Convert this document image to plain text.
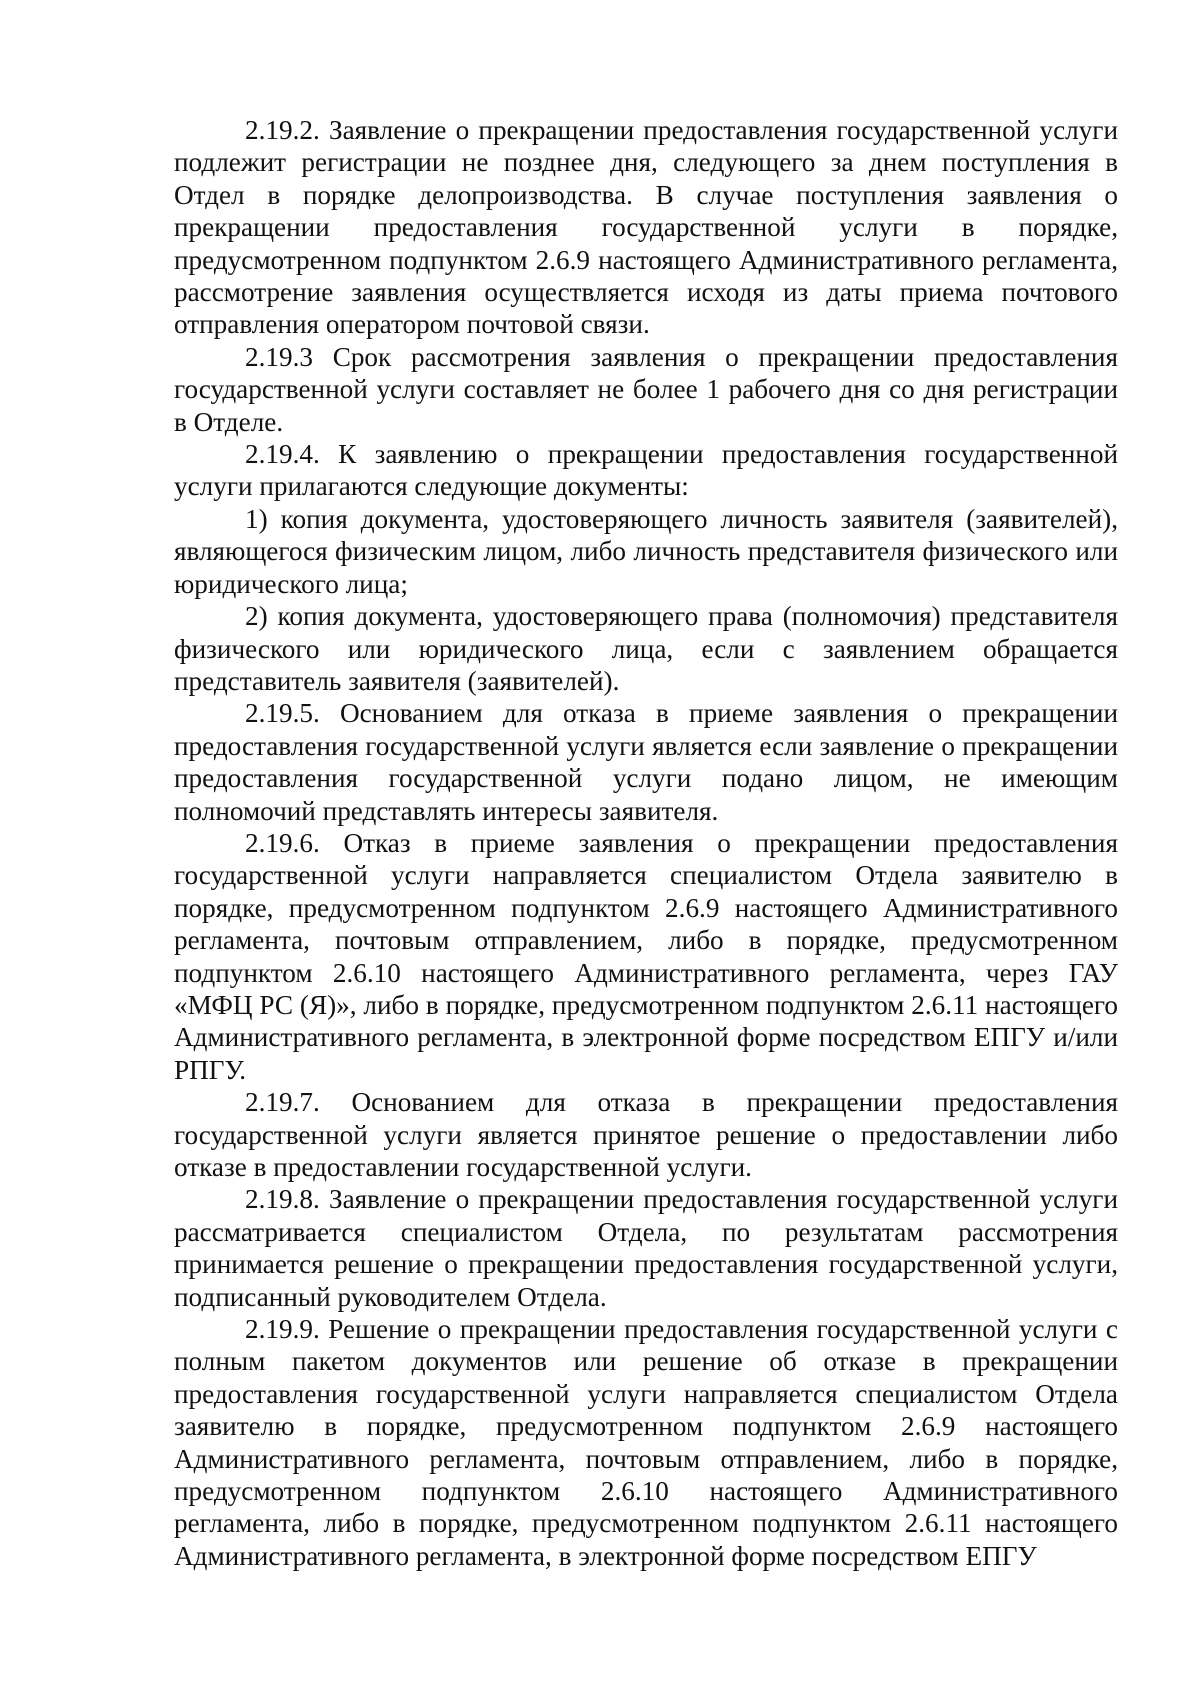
2.19.2. Заявление о прекращении предоставления государственной услуги подлежит регистрации не позднее дня, следующего за днем поступления в Отдел в порядке делопроизводства. В случае поступления заявления о прекращении предоставления государственной услуги в порядке, предусмотренном подпунктом 2.6.9 настоящего Административного регламента, рассмотрение заявления осуществляется исходя из даты приема почтового отправления оператором почтовой связи.

2.19.3 Срок рассмотрения заявления о прекращении предоставления государственной услуги составляет не более 1 рабочего дня со дня регистрации в Отделе.

2.19.4. К заявлению о прекращении предоставления государственной услуги прилагаются следующие документы:

1) копия документа, удостоверяющего личность заявителя (заявителей), являющегося физическим лицом, либо личность представителя физического или юридического лица;

2) копия документа, удостоверяющего права (полномочия) представителя физического или юридического лица, если с заявлением обращается представитель заявителя (заявителей).

2.19.5. Основанием для отказа в приеме заявления о прекращении предоставления государственной услуги является если заявление о прекращении предоставления государственной услуги подано лицом, не имеющим полномочий представлять интересы заявителя.

2.19.6. Отказ в приеме заявления о прекращении предоставления государственной услуги направляется специалистом Отдела заявителю в порядке, предусмотренном подпунктом 2.6.9 настоящего Административного регламента, почтовым отправлением, либо в порядке, предусмотренном подпунктом 2.6.10 настоящего Административного регламента, через ГАУ «МФЦ РС (Я)», либо в порядке, предусмотренном подпунктом 2.6.11 настоящего Административного регламента, в электронной форме посредством ЕПГУ и/или РПГУ.

2.19.7. Основанием для отказа в прекращении предоставления государственной услуги является принятое решение о предоставлении либо отказе в предоставлении государственной услуги.

2.19.8. Заявление о прекращении предоставления государственной услуги рассматривается специалистом Отдела, по результатам рассмотрения принимается решение о прекращении предоставления государственной услуги, подписанный руководителем Отдела.

2.19.9. Решение о прекращении предоставления государственной услуги с полным пакетом документов или решение об отказе в прекращении предоставления государственной услуги направляется специалистом Отдела заявителю в порядке, предусмотренном подпунктом 2.6.9 настоящего Административного регламента, почтовым отправлением, либо в порядке, предусмотренном подпунктом 2.6.10 настоящего Административного регламента, либо в порядке, предусмотренном подпунктом 2.6.11 настоящего Административного регламента, в электронной форме посредством ЕПГУ
